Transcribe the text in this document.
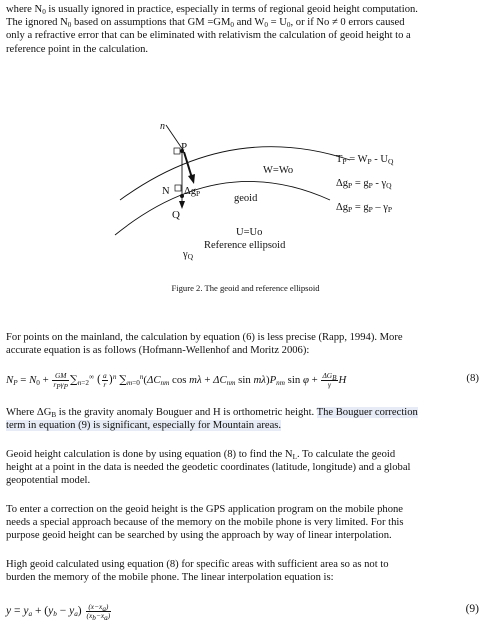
where $N_0$ is usually ignored in practice, especially in terms of regional geoid height computation.
The ignored $N_0$ based on assumptions that GM $=GM_0$ and $W_0 = U_0$, or if No ≠ 0 errors caused
only a refractive error that can be eliminated with relativism the calculation of geoid height to a
reference point in the calculation.

n
P
W=Wo
N ΔgP	geoid
Q
U=Uo
Reference ellipsoid
γQ
TP = WP - UQ
ΔgP = gP - γQ
ΔgP = gP – γP
Figure 2. The geoid and reference ellipsoid

For points on the mainland, the calculation by equation (6) is less precise (Rapp, 1994). More
accurate equation is as follows (Hofmann-Wellenhof and Moritz 2006):

$N_P = N_0 + \frac{GM}{r_P\gamma_P} \sum_{n=2}^\infty$ ( $\frac{a}{r} )^n$ $\sum_{m=0}^n(\Delta C_{nm}$ $\cos m\lambda + \Delta C_{nm}$ $\sin m\lambda)P_{nm}$ $\sin \varphi + \frac{\Delta G_B}{\gamma}$ H	(8)

Where $\Delta G_B$ is the gravity anomaly Bouguer and H is orthometric height. The Bouguer correction
term in equation (9) is significant, especially for Mountain areas.

Geoid height calculation is done by using equation (8) to find the $N_L$. To calculate the geoid
height at a point in the data is needed the geodetic coordinates (latitude, longitude) and a global
geopotential model.

To enter a correction on the geoid height is the GPS application program on the mobile phone
needs a special approach because of the memory on the mobile phone is very limited. For this
purpose geoid height can be searched by using the approach by way of linear interpolation.

High geoid calculated using equation (8) for specific areas with sufficient area so as not to
burden the memory of the mobile phone. The linear interpolation equation is:

$y = y_a + (y_b - y_a) \frac{(x-x_a)}{(x_b-x_a)}$	(9)
